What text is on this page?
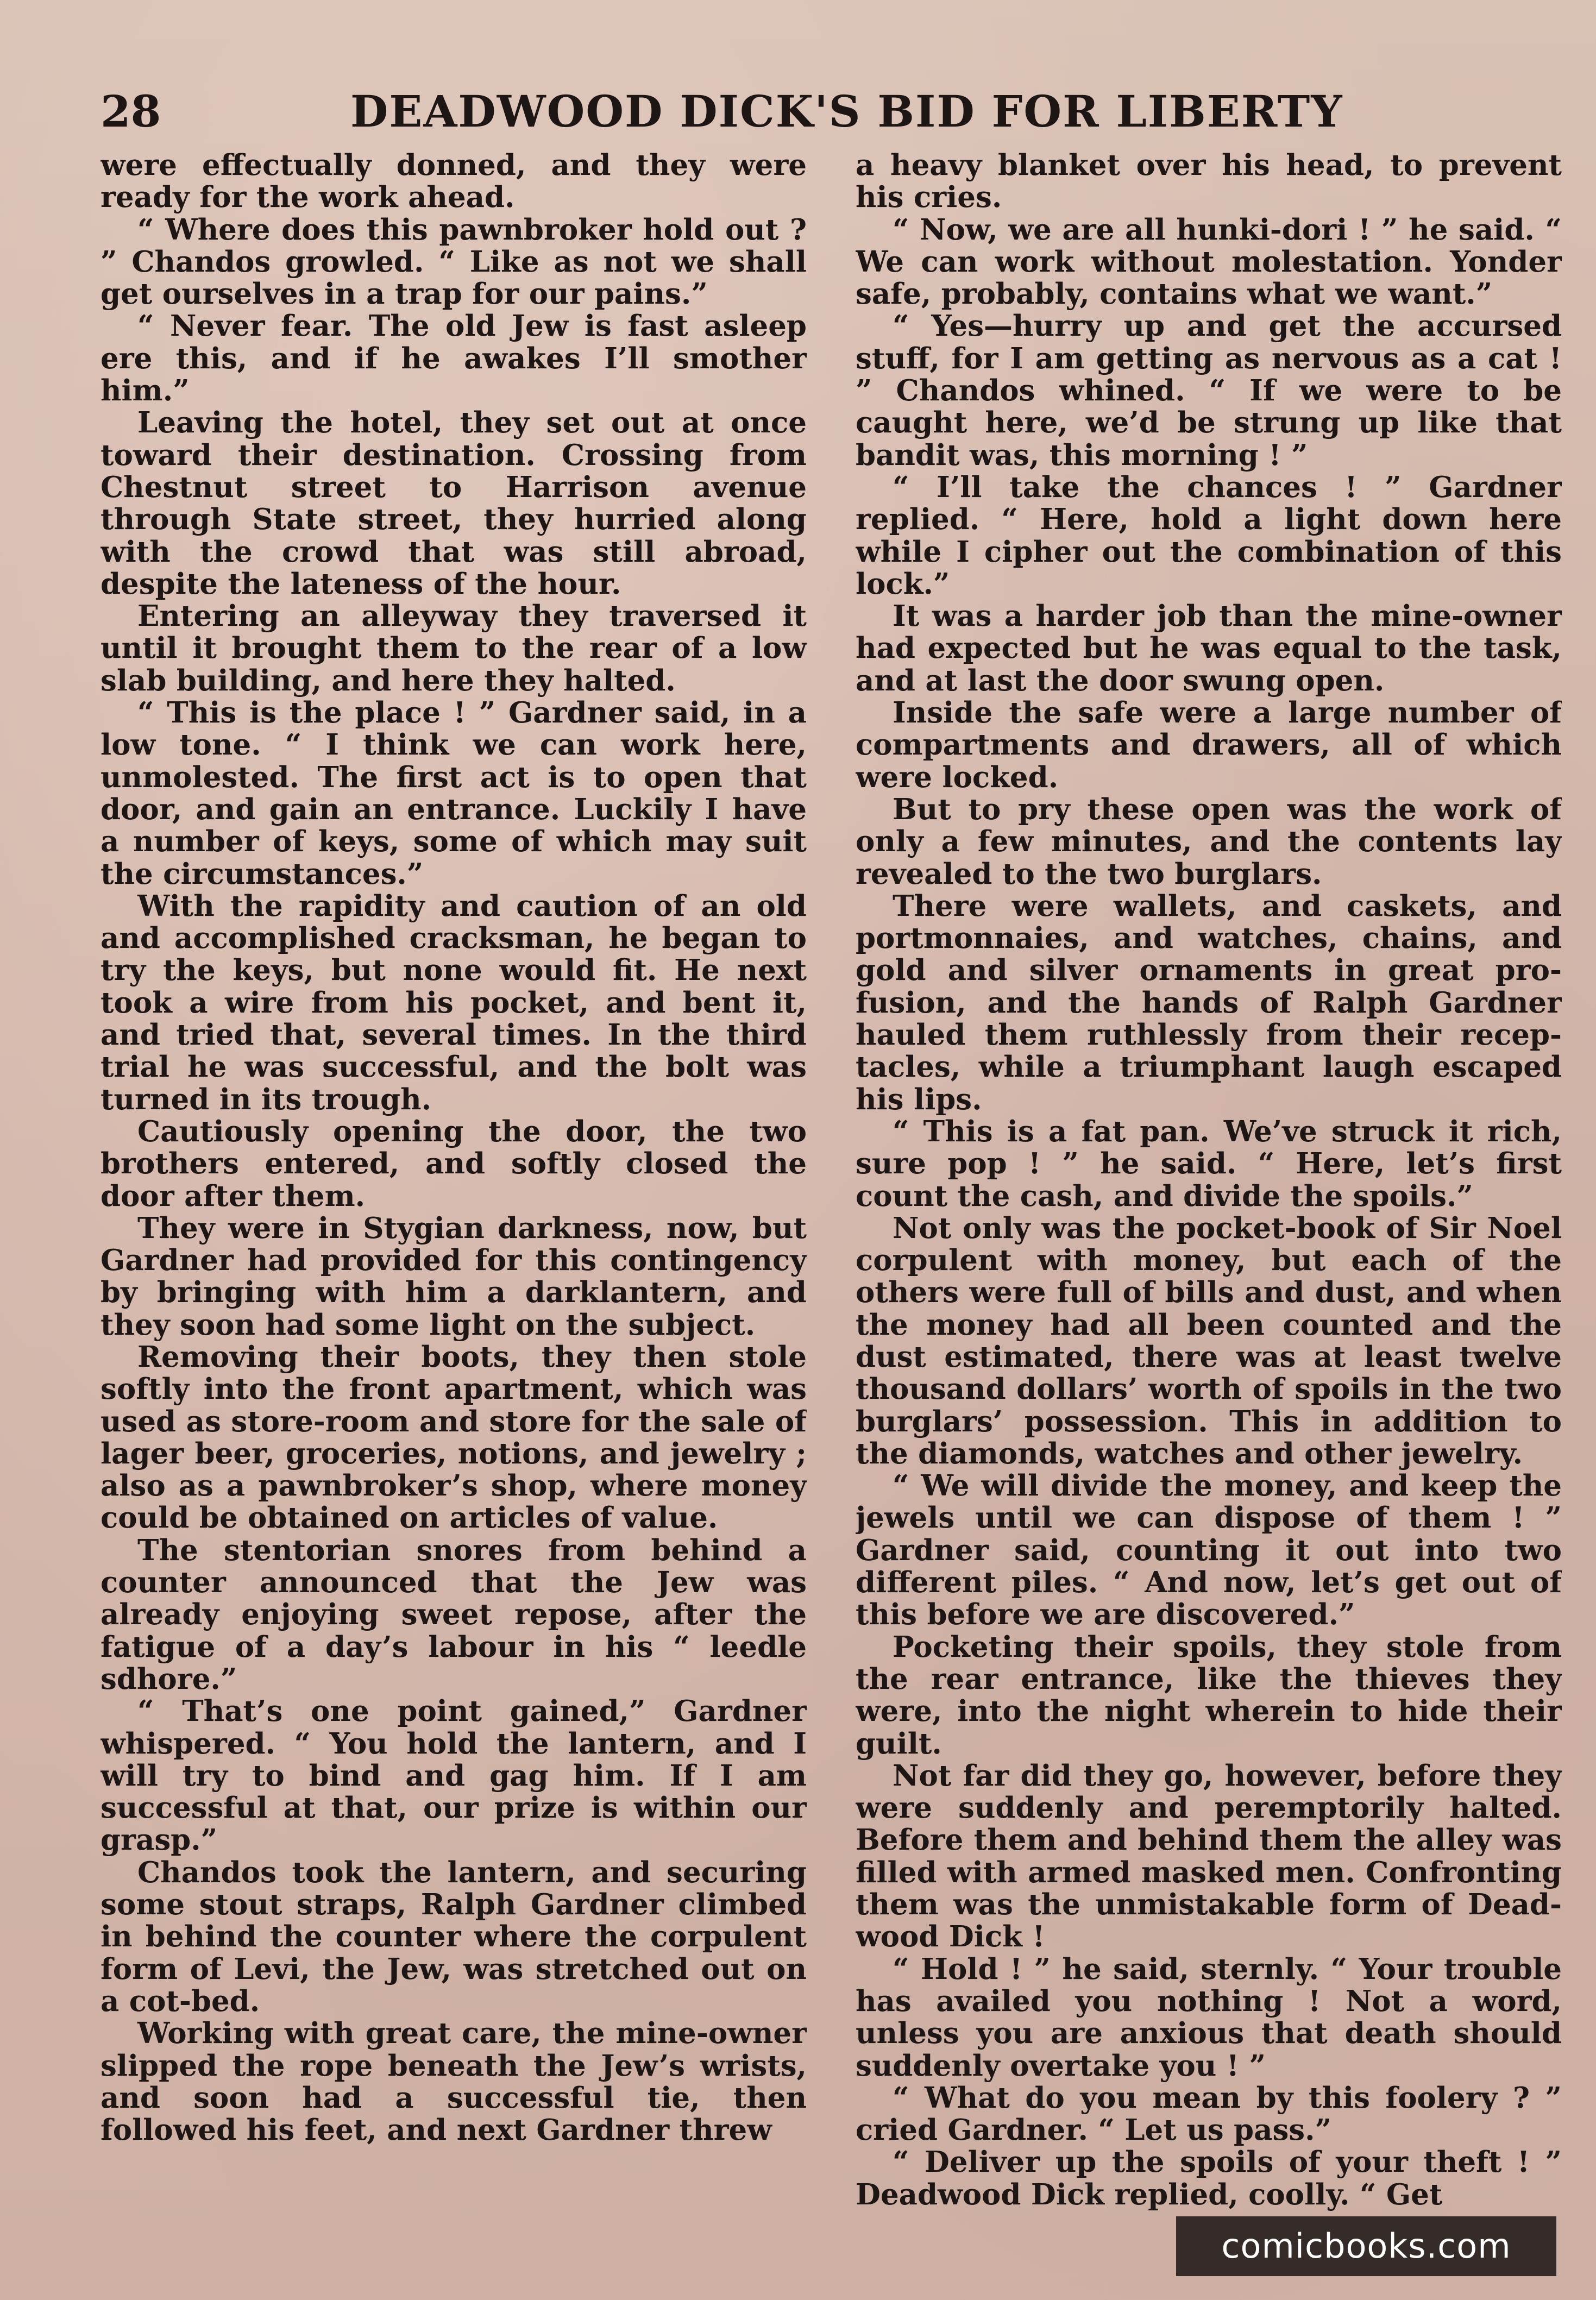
28	DEADWOOD DICK'S BID FOR LIBERTY

were effectually donned, and they were ready for the work ahead.

“ Where does this pawnbroker hold out ? ” Chandos growled. “ Like as not we shall get ourselves in a trap for our pains.”

“ Never fear. The old Jew is fast asleep ere this, and if he awakes I’ll smother him.”

Leaving the hotel, they set out at once toward their destination. Crossing from Chestnut street to Harrison avenue through State street, they hurried along with the crowd that was still abroad, despite the lateness of the hour.

Entering an alleyway they traversed it until it brought them to the rear of a low slab building, and here they halted.

“ This is the place ! ” Gardner said, in a low tone. “ I think we can work here, unmolested. The first act is to open that door, and gain an entrance. Luckily I have a number of keys, some of which may suit the circumstances.”

With the rapidity and caution of an old and accomplished cracksman, he began to try the keys, but none would fit. He next took a wire from his pocket, and bent it, and tried that, several times. In the third trial he was successful, and the bolt was turned in its trough.

Cautiously opening the door, the two brothers entered, and softly closed the door after them.

They were in Stygian darkness, now, but Gardner had provided for this contingency by bringing with him a darklantern, and they soon had some light on the subject.

Removing their boots, they then stole softly into the front apartment, which was used as store-room and store for the sale of lager beer, groceries, notions, and jewelry ; also as a pawnbroker’s shop, where money could be obtained on articles of value.

The stentorian snores from behind a counter announced that the Jew was already enjoying sweet repose, after the fatigue of a day’s labour in his “ leedle sdhore.”

“ That’s one point gained,” Gardner whispered. “ You hold the lantern, and I will try to bind and gag him. If I am successful at that, our prize is within our grasp.”

Chandos took the lantern, and securing some stout straps, Ralph Gardner climbed in behind the counter where the corpulent form of Levi, the Jew, was stretched out on a cot-bed.

Working with great care, the mine-owner slipped the rope beneath the Jew’s wrists, and soon had a successful tie, then followed his feet, and next Gardner threw

a heavy blanket over his head, to prevent his cries.

“ Now, we are all hunki-dori ! ” he said. “ We can work without molestation. Yonder safe, probably, contains what we want.”

“ Yes—hurry up and get the accursed stuff, for I am getting as nervous as a cat ! ” Chandos whined. “ If we were to be caught here, we’d be strung up like that bandit was, this morning ! ”

“ I’ll take the chances ! ” Gardner replied. “ Here, hold a light down here while I cipher out the combination of this lock.”

It was a harder job than the mine-owner had expected but he was equal to the task, and at last the door swung open.

Inside the safe were a large number of compartments and drawers, all of which were locked.

But to pry these open was the work of only a few minutes, and the contents lay revealed to the two burglars.

There were wallets, and caskets, and portmonnaies, and watches, chains, and gold and silver ornaments in great profusion, and the hands of Ralph Gardner hauled them ruthlessly from their receptacles, while a triumphant laugh escaped his lips.

“ This is a fat pan. We’ve struck it rich, sure pop ! ” he said. “ Here, let’s first count the cash, and divide the spoils.”

Not only was the pocket-book of Sir Noel corpulent with money, but each of the others were full of bills and dust, and when the money had all been counted and the dust estimated, there was at least twelve thousand dollars’ worth of spoils in the two burglars’ possession. This in addition to the diamonds, watches and other jewelry.

“ We will divide the money, and keep the jewels until we can dispose of them ! ” Gardner said, counting it out into two different piles. “ And now, let’s get out of this before we are discovered.”

Pocketing their spoils, they stole from the rear entrance, like the thieves they were, into the night wherein to hide their guilt.

Not far did they go, however, before they were suddenly and peremptorily halted. Before them and behind them the alley was filled with armed masked men. Confronting them was the unmistakable form of Deadwood Dick !

“ Hold ! ” he said, sternly. “ Your trouble has availed you nothing ! Not a word, unless you are anxious that death should suddenly overtake you ! ”

“ What do you mean by this foolery ? ” cried Gardner. “ Let us pass.”

“ Deliver up the spoils of your theft ! ” Deadwood Dick replied, coolly. “ Get

comicbooks.com
